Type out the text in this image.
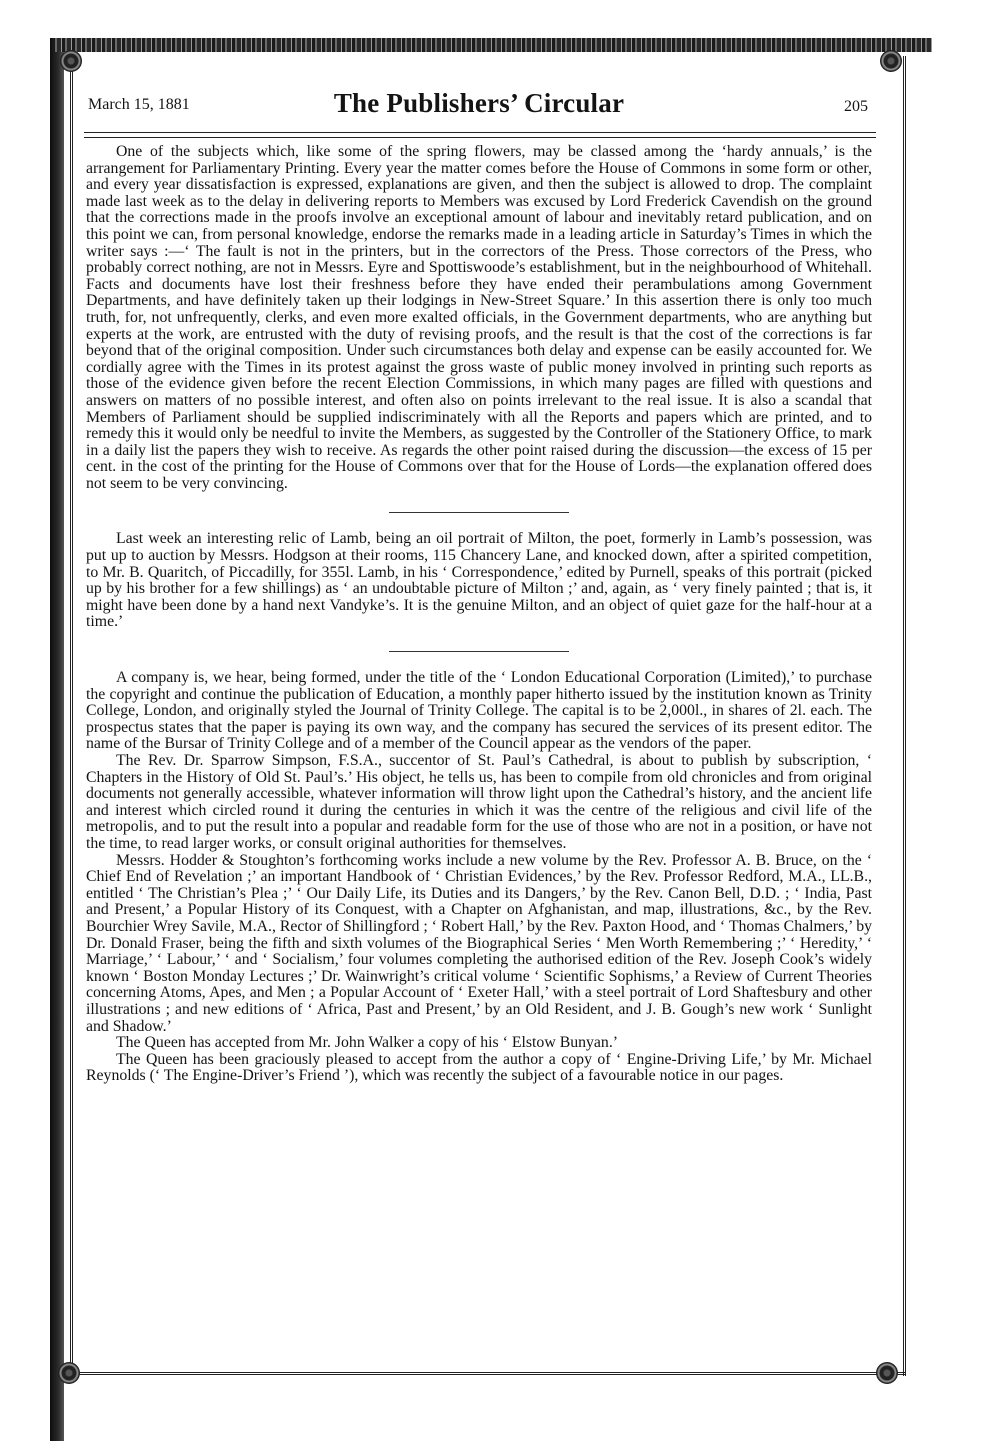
March 15, 1881	The Publishers’ Circular	205

One of the subjects which, like some of the spring flowers, may be classed among the ‘hardy annuals,’ is the arrangement for Parliamentary Printing. Every year the matter comes before the House of Commons in some form or other, and every year dissatisfaction is expressed, explanations are given, and then the subject is allowed to drop. The complaint made last week as to the delay in delivering reports to Members was excused by Lord Frederick Cavendish on the ground that the corrections made in the proofs involve an exceptional amount of labour and inevitably retard publication, and on this point we can, from personal knowledge, endorse the remarks made in a leading article in Saturday’s Times in which the writer says :—‘ The fault is not in the printers, but in the correctors of the Press. Those correctors of the Press, who probably correct nothing, are not in Messrs. Eyre and Spottiswoode’s establishment, but in the neighbourhood of Whitehall. Facts and documents have lost their freshness before they have ended their perambulations among Government Departments, and have definitely taken up their lodgings in New-Street Square.’ In this assertion there is only too much truth, for, not unfrequently, clerks, and even more exalted officials, in the Government departments, who are anything but experts at the work, are entrusted with the duty of revising proofs, and the result is that the cost of the corrections is far beyond that of the original composition. Under such circumstances both delay and expense can be easily accounted for. We cordially agree with the Times in its protest against the gross waste of public money involved in printing such reports as those of the evidence given before the recent Election Commissions, in which many pages are filled with questions and answers on matters of no possible interest, and often also on points irrelevant to the real issue. It is also a scandal that Members of Parliament should be supplied indiscriminately with all the Reports and papers which are printed, and to remedy this it would only be needful to invite the Members, as suggested by the Controller of the Stationery Office, to mark in a daily list the papers they wish to receive. As regards the other point raised during the discussion—the excess of 15 per cent. in the cost of the printing for the House of Commons over that for the House of Lords—the explanation offered does not seem to be very convincing.

Last week an interesting relic of Lamb, being an oil portrait of Milton, the poet, formerly in Lamb’s possession, was put up to auction by Messrs. Hodgson at their rooms, 115 Chancery Lane, and knocked down, after a spirited competition, to Mr. B. Quaritch, of Piccadilly, for 355l. Lamb, in his ‘ Correspondence,’ edited by Purnell, speaks of this portrait (picked up by his brother for a few shillings) as ‘ an undoubtable picture of Milton ;’ and, again, as ‘ very finely painted ; that is, it might have been done by a hand next Vandyke’s. It is the genuine Milton, and an object of quiet gaze for the half-hour at a time.’

A company is, we hear, being formed, under the title of the ‘ London Educational Corporation (Limited),’ to purchase the copyright and continue the publication of Education, a monthly paper hitherto issued by the institution known as Trinity College, London, and originally styled the Journal of Trinity College. The capital is to be 2,000l., in shares of 2l. each. The prospectus states that the paper is paying its own way, and the company has secured the services of its present editor. The name of the Bursar of Trinity College and of a member of the Council appear as the vendors of the paper.

The Rev. Dr. Sparrow Simpson, F.S.A., succentor of St. Paul’s Cathedral, is about to publish by subscription, ‘ Chapters in the History of Old St. Paul’s.’ His object, he tells us, has been to compile from old chronicles and from original documents not generally accessible, whatever information will throw light upon the Cathedral’s history, and the ancient life and interest which circled round it during the centuries in which it was the centre of the religious and civil life of the metropolis, and to put the result into a popular and readable form for the use of those who are not in a position, or have not the time, to read larger works, or consult original authorities for themselves.

Messrs. Hodder & Stoughton’s forthcoming works include a new volume by the Rev. Professor A. B. Bruce, on the ‘ Chief End of Revelation ;’ an important Handbook of ‘ Christian Evidences,’ by the Rev. Professor Redford, M.A., LL.B., entitled ‘ The Christian’s Plea ;’ ‘ Our Daily Life, its Duties and its Dangers,’ by the Rev. Canon Bell, D.D. ; ‘ India, Past and Present,’ a Popular History of its Conquest, with a Chapter on Afghanistan, and map, illustrations, &c., by the Rev. Bourchier Wrey Savile, M.A., Rector of Shillingford ; ‘ Robert Hall,’ by the Rev. Paxton Hood, and ‘ Thomas Chalmers,’ by Dr. Donald Fraser, being the fifth and sixth volumes of the Biographical Series ‘ Men Worth Remembering ;’ ‘ Heredity,’ ‘ Marriage,’ ‘ Labour,’ ‘ and ‘ Socialism,’ four volumes completing the authorised edition of the Rev. Joseph Cook’s widely known ‘ Boston Monday Lectures ;’ Dr. Wainwright’s critical volume ‘ Scientific Sophisms,’ a Review of Current Theories concerning Atoms, Apes, and Men ; a Popular Account of ‘ Exeter Hall,’ with a steel portrait of Lord Shaftesbury and other illustrations ; and new editions of ‘ Africa, Past and Present,’ by an Old Resident, and J. B. Gough’s new work ‘ Sunlight and Shadow.’

The Queen has accepted from Mr. John Walker a copy of his ‘ Elstow Bunyan.’

The Queen has been graciously pleased to accept from the author a copy of ‘ Engine-Driving Life,’ by Mr. Michael Reynolds (‘ The Engine-Driver’s Friend ’), which was recently the subject of a favourable notice in our pages.
